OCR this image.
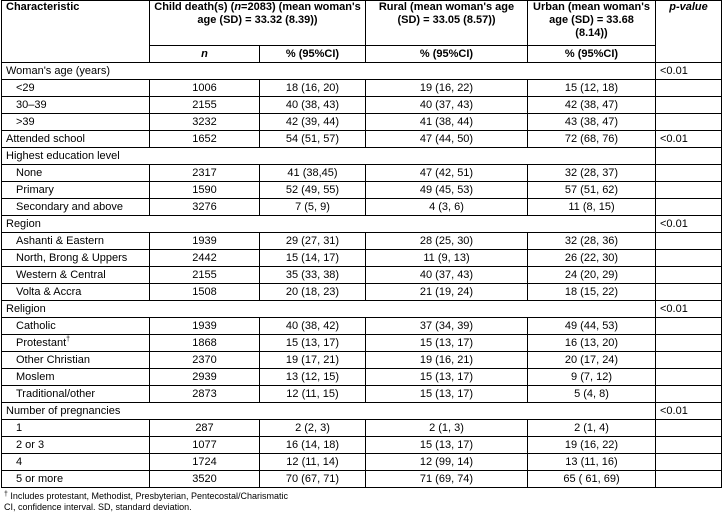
Characteristic	Child death(s) (n=2083) (mean woman's age (SD) = 33.32 (8.39))		Rural (mean woman's age (SD) = 33.05 (8.57))	Urban (mean woman's age (SD) = 33.68 (8.14))	p-value
	n	% (95%CI)	% (95%CI)	% (95%CI)	
Woman's age (years)					<0.01
<29	1006	18 (16, 20)	19 (16, 22)	15 (12, 18)	
30–39	2155	40 (38, 43)	40 (37, 43)	42 (38, 47)	
>39	3232	42 (39, 44)	41 (38, 44)	43 (38, 47)	
Attended school	1652	54 (51, 57)	47 (44, 50)	72 (68, 76)	<0.01
Highest education level					
None	2317	41 (38,45)	47 (42, 51)	32 (28, 37)	
Primary	1590	52 (49, 55)	49 (45, 53)	57 (51, 62)	
Secondary and above	3276	7 (5, 9)	4 (3, 6)	11 (8, 15)	
Region					<0.01
Ashanti & Eastern	1939	29 (27, 31)	28 (25, 30)	32 (28, 36)	
North, Brong & Uppers	2442	15 (14, 17)	11 (9, 13)	26 (22, 30)	
Western & Central	2155	35 (33, 38)	40 (37, 43)	24 (20, 29)	
Volta & Accra	1508	20 (18, 23)	21 (19, 24)	18 (15, 22)	
Religion					<0.01
Catholic	1939	40 (38, 42)	37 (34, 39)	49 (44, 53)	
Protestant†	1868	15 (13, 17)	15 (13, 17)	16 (13, 20)	
Other Christian	2370	19 (17, 21)	19 (16, 21)	20 (17, 24)	
Moslem	2939	13 (12, 15)	15 (13, 17)	9 (7, 12)	
Traditional/other	2873	12 (11, 15)	15 (13, 17)	5 (4, 8)	
Number of pregnancies					<0.01
1	287	2 (2, 3)	2 (1, 3)	2 (1, 4)	
2 or 3	1077	16 (14, 18)	15 (13, 17)	19 (16, 22)	
4	1724	12 (11, 14)	12 (99, 14)	13 (11, 16)	
5 or more	3520	70 (67, 71)	71 (69, 74)	65 ( 61, 69)	
† Includes protestant, Methodist, Presbyterian, Pentecostal/Charismatic
CI, confidence interval. SD, standard deviation.
